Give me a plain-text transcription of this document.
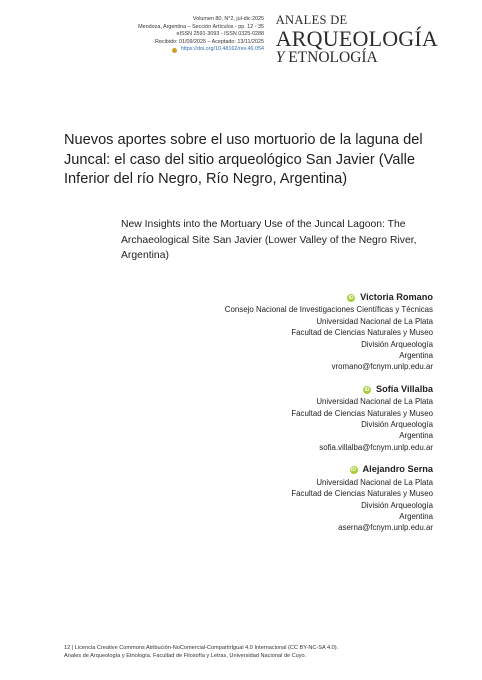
Volumen 80, N°2, jul-dic 2025
Mendoza, Argentina – Sección Artículos - pp. 12 - 35
eISSN 2591-3093 - ISSN 0325-0288
Recibido: 01/09/2025 – Aceptado: 13/11/2025
https://doi.org/10.48162/rev.46.054
ANALES DE
ARQUEOLOGÍA
Y ETNOLOGÍA
Nuevos aportes sobre el uso mortuorio de la laguna del Juncal: el caso del sitio arqueológico San Javier (Valle Inferior del río Negro, Río Negro, Argentina)

New Insights into the Mortuary Use of the Juncal Lagoon: The Archaeological Site San Javier (Lower Valley of the Negro River, Argentina)

iD Victoria Romano
Consejo Nacional de Investigaciones Científicas y Técnicas
Universidad Nacional de La Plata
Facultad de Ciencias Naturales y Museo
División Arqueología
Argentina
vromano@fcnym.unlp.edu.ar
iD Sofía Villalba
Universidad Nacional de La Plata
Facultad de Ciencias Naturales y Museo
División Arqueología
Argentina
sofia.villalba@fcnym.unlp.edu.ar
iD Alejandro Serna
Universidad Nacional de La Plata
Facultad de Ciencias Naturales y Museo
División Arqueología
Argentina
aserna@fcnym.unlp.edu.ar
12 | Licencia Creative Commons Atribución-NoComercial-CompartirIgual 4.0 Internacional (CC BY-NC-SA 4.0).
Anales de Arqueología y Etnología. Facultad de Filosofía y Letras, Universidad Nacional de Cuyo.
